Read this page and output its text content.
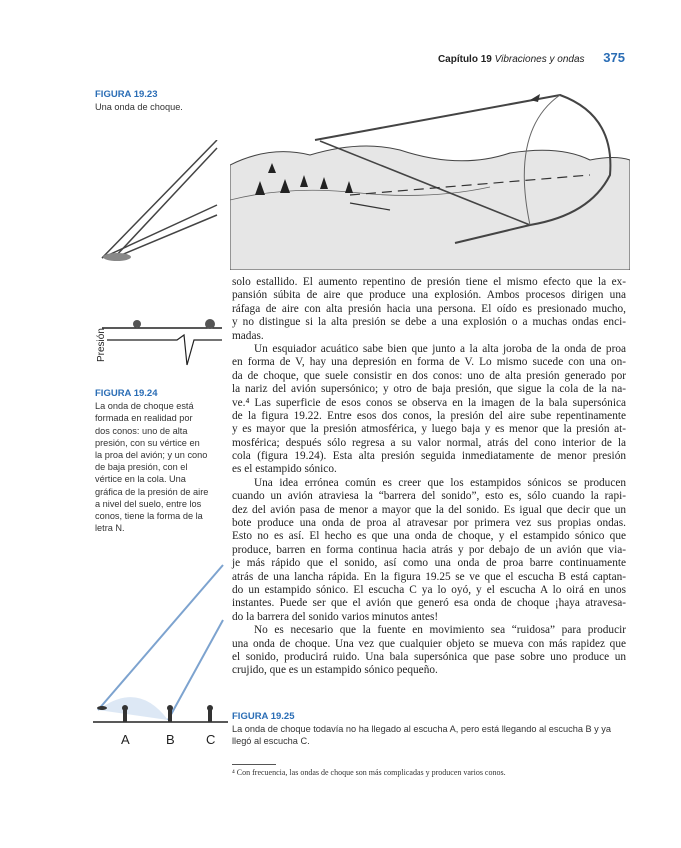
Capítulo 19 Vibraciones y ondas 375
FIGURA 19.23
Una onda de choque.
Presión
FIGURA 19.24
La onda de choque está
formada en realidad por
dos conos: uno de alta
presión, con su vértice en
la proa del avión; y un cono
de baja presión, con el
vértice en la cola. Una
gráfica de la presión de aire
a nivel del suelo, entre los
conos, tiene la forma de la
letra N.
A	B C
FIGURA 19.25
La onda de choque todavía no ha llegado al escucha A, pero está llegando al escucha B y ya
llegó al escucha C.
solo estallido. El aumento repentino de presión tiene el mismo efecto que la ex-
pansión súbita de aire que produce una explosión. Ambos procesos dirigen una
ráfaga de aire con alta presión hacia una persona. El oído es presionado mucho,
y no distingue si la alta presión se debe a una explosión o a muchas ondas enci-
madas.
Un esquiador acuático sabe bien que junto a la alta joroba de la onda de proa
en forma de V, hay una depresión en forma de V. Lo mismo sucede con una on-
da de choque, que suele consistir en dos conos: uno de alta presión generado por
la nariz del avión supersónico; y otro de baja presión, que sigue la cola de la na-
ve.⁴ Las superficie de esos conos se observa en la imagen de la bala supersónica
de la figura 19.22. Entre esos dos conos, la presión del aire sube repentinamente
y es mayor que la presión atmosférica, y luego baja y es menor que la presión at-
mosférica; después sólo regresa a su valor normal, atrás del cono interior de la
cola (figura 19.24). Esta alta presión seguida inmediatamente de menor presión
es el estampido sónico.
Una idea errónea común es creer que los estampidos sónicos se producen
cuando un avión atraviesa la “barrera del sonido”, esto es, sólo cuando la rapi-
dez del avión pasa de menor a mayor que la del sonido. Es igual que decir que un
bote produce una onda de proa al atravesar por primera vez sus propias ondas.
Esto no es así. El hecho es que una onda de choque, y el estampido sónico que
produce, barren en forma continua hacia atrás y por debajo de un avión que via-
je más rápido que el sonido, así como una onda de proa barre continuamente
atrás de una lancha rápida. En la figura 19.25 se ve que el escucha B está captan-
do un estampido sónico. El escucha C ya lo oyó, y el escucha A lo oirá en unos
instantes. Puede ser que el avión que generó esa onda de choque ¡haya atravesa-
do la barrera del sonido varios minutos antes!
No es necesario que la fuente en movimiento sea “ruidosa” para producir
una onda de choque. Una vez que cualquier objeto se mueva con más rapidez que
el sonido, producirá ruido. Una bala supersónica que pase sobre uno produce un
crujido, que es un estampido sónico pequeño.
⁴ Con frecuencia, las ondas de choque son más complicadas y producen varios conos.
